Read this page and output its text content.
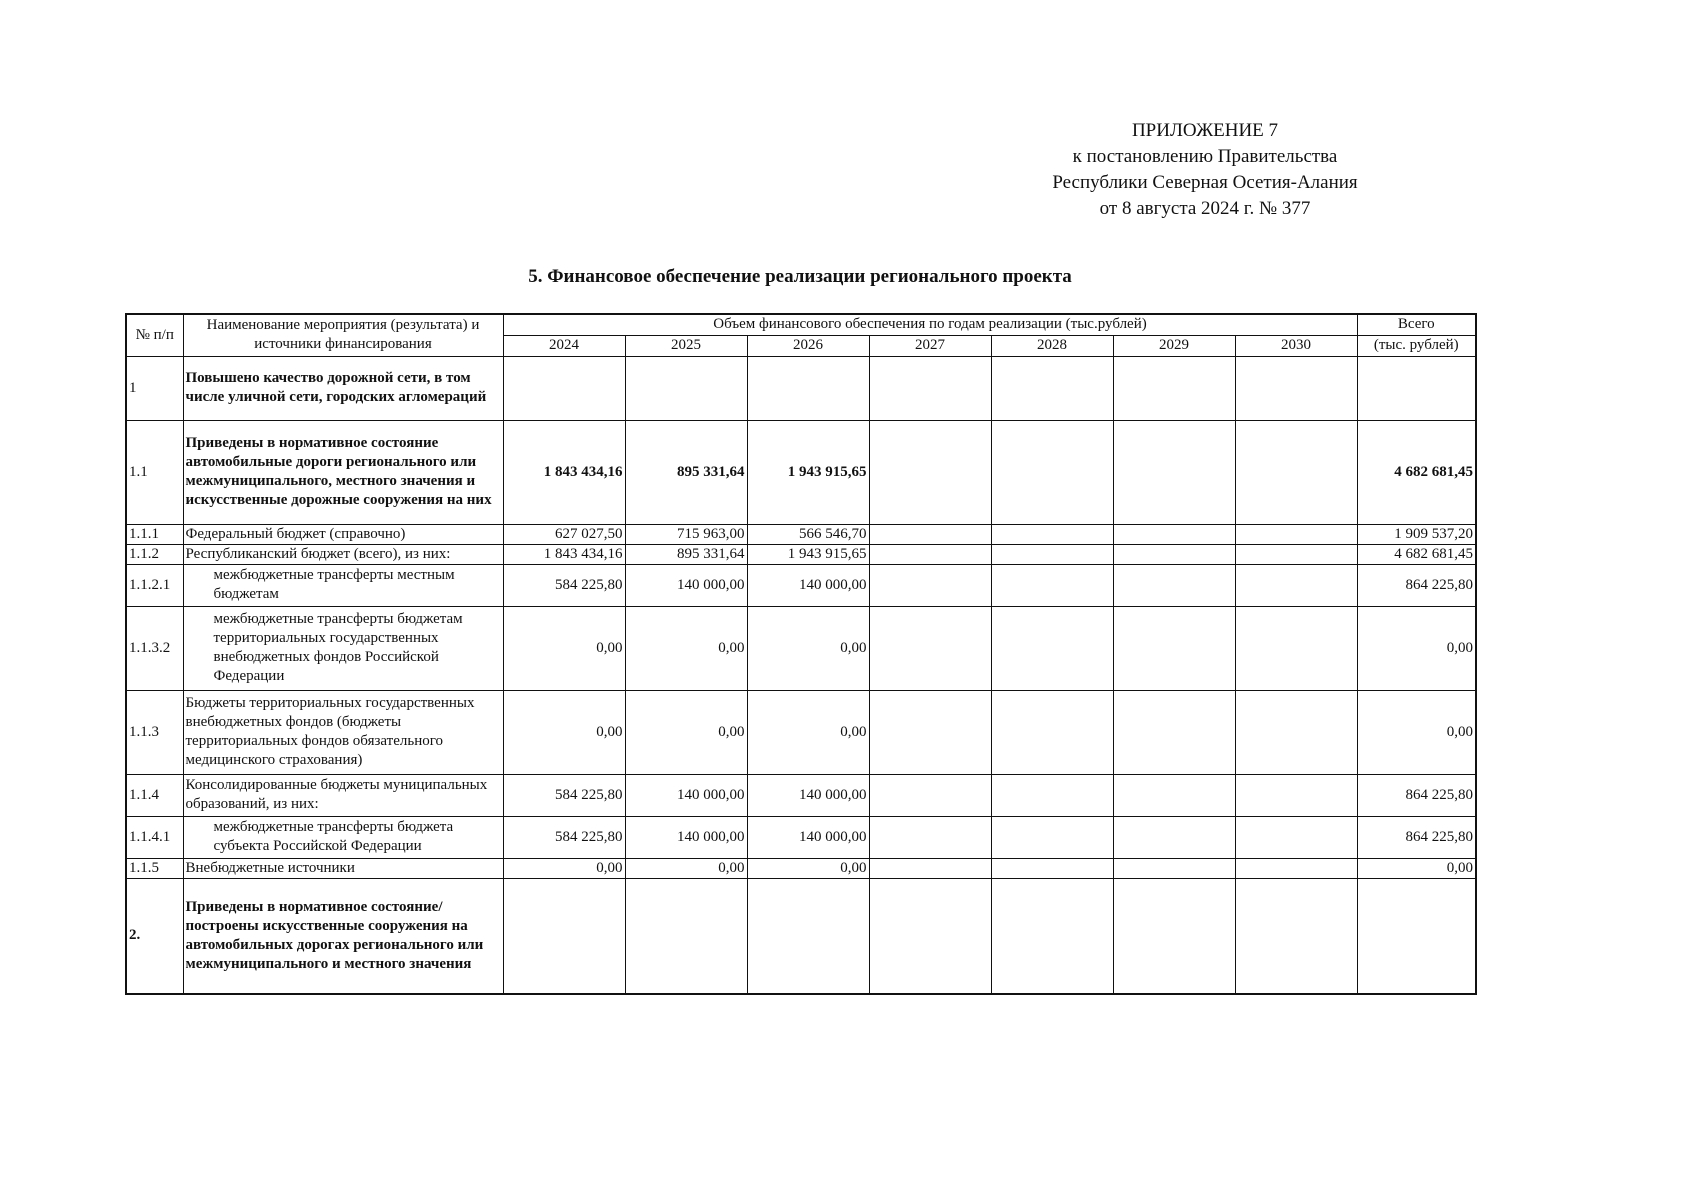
ПРИЛОЖЕНИЕ 7
к постановлению Правительства
Республики Северная Осетия-Алания
от 8 августа 2024 г. № 377
5. Финансовое обеспечение реализации регионального проекта
№ п/п	Наименование мероприятия (результата) и источники финансирования	Объем финансового обеспечения по годам реализации (тыс.рублей)							Всего
		2024	2025	2026	2027	2028	2029	2030	(тыс. рублей)
1	Повышено качество дорожной сети, в том числе уличной сети, городских агломераций								
1.1	Приведены в нормативное состояние автомобильные дороги регионального или межмуниципального, местного значения и искусственные дорожные сооружения на них	1 843 434,16	895 331,64	1 943 915,65					4 682 681,45
1.1.1	Федеральный бюджет (справочно)	627 027,50	715 963,00	566 546,70					1 909 537,20
1.1.2	Республиканский бюджет (всего), из них:	1 843 434,16	895 331,64	1 943 915,65					4 682 681,45
1.1.2.1	межбюджетные трансферты местным бюджетам	584 225,80	140 000,00	140 000,00					864 225,80
1.1.3.2	межбюджетные трансферты бюджетам территориальных государственных внебюджетных фондов Российской Федерации	0,00	0,00	0,00					0,00
1.1.3	Бюджеты территориальных государственных внебюджетных фондов (бюджеты территориальных фондов обязательного медицинского страхования)	0,00	0,00	0,00					0,00
1.1.4	Консолидированные бюджеты муниципальных образований, из них:	584 225,80	140 000,00	140 000,00					864 225,80
1.1.4.1	межбюджетные трансферты бюджета субъекта Российской Федерации	584 225,80	140 000,00	140 000,00					864 225,80
1.1.5	Внебюджетные источники	0,00	0,00	0,00					0,00
2.	Приведены в нормативное состояние/построены искусственные сооружения на автомобильных дорогах регионального или межмуниципального и местного значения								
